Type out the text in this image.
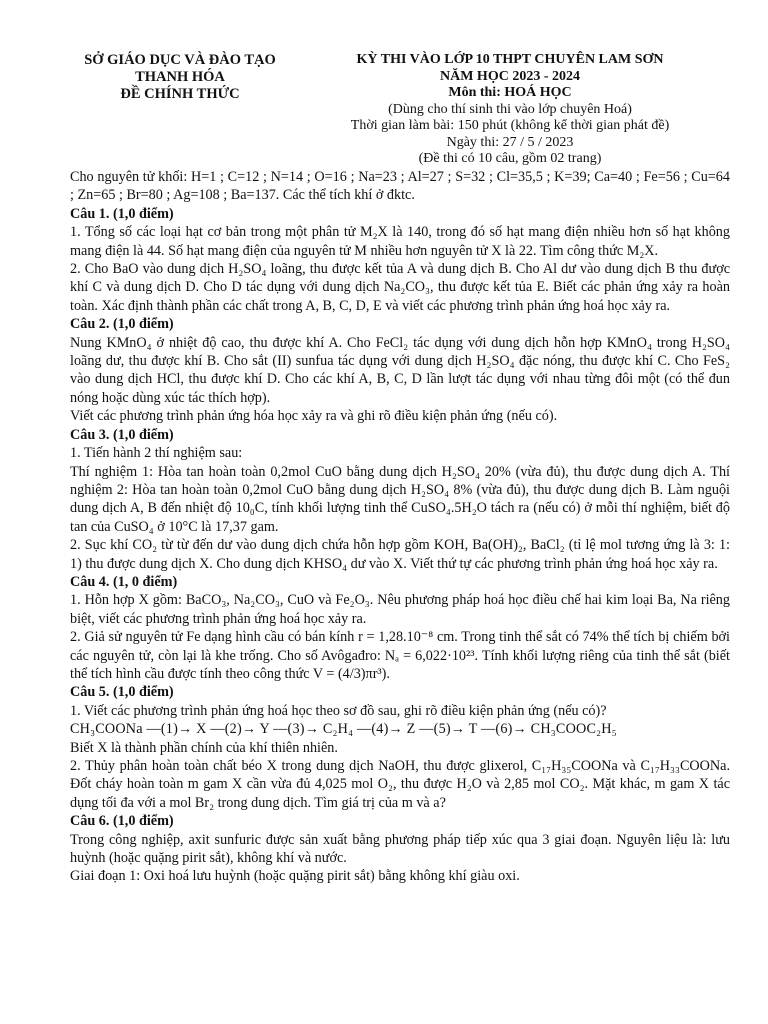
SỞ GIÁO DỤC VÀ ĐÀO TẠO
THANH HÓA
ĐỀ CHÍNH THỨC
KỲ THI VÀO LỚP 10 THPT CHUYÊN LAM SƠN
NĂM HỌC 2023 - 2024
Môn thi: HOÁ HỌC
(Dùng cho thí sinh thi vào lớp chuyên Hoá)
Thời gian làm bài: 150 phút (không kể thời gian phát đề)
Ngày thi: 27 / 5 / 2023
(Đề thi có 10 câu, gồm 02 trang)

Cho nguyên tử khối: H=1 ; C=12 ; N=14 ; O=16 ; Na=23 ; Al=27 ; S=32 ; Cl=35,5 ; K=39; Ca=40 ; Fe=56 ; Cu=64 ; Zn=65 ; Br=80 ; Ag=108 ; Ba=137. Các thể tích khí ở đktc.

Câu 1. (1,0 điểm)

1. Tổng số các loại hạt cơ bản trong một phân tử M₂X là 140, trong đó số hạt mang điện nhiều hơn số hạt không mang điện là 44. Số hạt mang điện của nguyên tử M nhiều hơn nguyên tử X là 22. Tìm công thức M₂X.

2. Cho BaO vào dung dịch H₂SO₄ loãng, thu được kết tủa A và dung dịch B. Cho Al dư vào dung dịch B thu được khí C và dung dịch D. Cho D tác dụng với dung dịch Na₂CO₃, thu được kết tủa E. Biết các phản ứng xảy ra hoàn toàn. Xác định thành phần các chất trong A, B, C, D, E và viết các phương trình phản ứng hoá học xảy ra.

Câu 2. (1,0 điểm)

Nung KMnO₄ ở nhiệt độ cao, thu được khí A. Cho FeCl₂ tác dụng với dung dịch hỗn hợp KMnO₄ trong H₂SO₄ loãng dư, thu được khí B. Cho sắt (II) sunfua tác dụng với dung dịch H₂SO₄ đặc nóng, thu được khí C. Cho FeS₂ vào dung dịch HCl, thu được khí D. Cho các khí A, B, C, D lần lượt tác dụng với nhau từng đôi một (có thể đun nóng hoặc dùng xúc tác thích hợp).

Viết các phương trình phản ứng hóa học xảy ra và ghi rõ điều kiện phản ứng (nếu có).

Câu 3. (1,0 điểm)

1. Tiến hành 2 thí nghiệm sau:

Thí nghiệm 1: Hòa tan hoàn toàn 0,2mol CuO bằng dung dịch H₂SO₄ 20% (vừa đủ), thu được dung dịch A. Thí nghiệm 2: Hòa tan hoàn toàn 0,2mol CuO bằng dung dịch H₂SO₄ 8% (vừa đủ), thu được dung dịch B. Làm nguội dung dịch A, B đến nhiệt độ 10₀C, tính khối lượng tinh thể CuSO₄.5H₂O tách ra (nếu có) ở mỗi thí nghiệm, biết độ tan của CuSO₄ ở 10°C là 17,37 gam.

2. Sục khí CO₂ từ từ đến dư vào dung dịch chứa hỗn hợp gồm KOH, Ba(OH)₂, BaCl₂ (tỉ lệ mol tương ứng là 3: 1: 1) thu được dung dịch X. Cho dung dịch KHSO₄ dư vào X. Viết thứ tự các phương trình phản ứng hoá học xảy ra.

Câu 4. (1, 0 điểm)

1. Hỗn hợp X gồm: BaCO₃, Na₂CO₃, CuO và Fe₂O₃. Nêu phương pháp hoá học điều chế hai kim loại Ba, Na riêng biệt, viết các phương trình phản ứng hoá học xảy ra.

2. Giả sử nguyên tử Fe dạng hình cầu có bán kính r = 1,28.10⁻⁸ cm. Trong tinh thể sắt có 74% thể tích bị chiếm bởi các nguyên tử, còn lại là khe trống. Cho số Avôgađro: Nₐ = 6,022·10²³. Tính khối lượng riêng của tinh thể sắt (biết thể tích hình cầu được tính theo công thức V = (4/3)πr³).

Câu 5. (1,0 điểm)

1. Viết các phương trình phản ứng hoá học theo sơ đồ sau, ghi rõ điều kiện phản ứng (nếu có)?

CH₃COONa ―(1)→ X ―(2)→ Y ―(3)→ C₂H₄ ―(4)→ Z ―(5)→ T ―(6)→ CH₃COOC₂H₅

Biết X là thành phần chính của khí thiên nhiên.

2. Thủy phân hoàn toàn chất béo X trong dung dịch NaOH, thu được glixerol, C₁₇H₃₅COONa và C₁₇H₃₃COONa. Đốt cháy hoàn toàn m gam X cần vừa đủ 4,025 mol O₂, thu được H₂O và 2,85 mol CO₂. Mặt khác, m gam X tác dụng tối đa với a mol Br₂ trong dung dịch. Tìm giá trị của m và a?

Câu 6. (1,0 điểm)

Trong công nghiệp, axit sunfuric được sản xuất bằng phương pháp tiếp xúc qua 3 giai đoạn. Nguyên liệu là: lưu huỳnh (hoặc quặng pirit sắt), không khí và nước.

Giai đoạn 1: Oxi hoá lưu huỳnh (hoặc quặng pirit sắt) bằng không khí giàu oxi.
